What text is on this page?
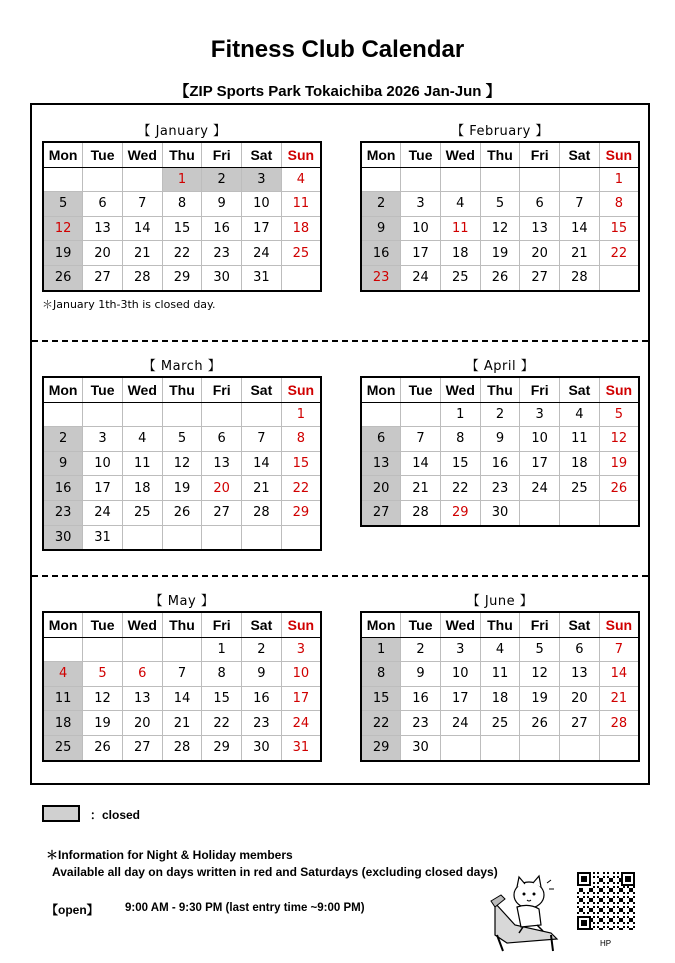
Fitness Club Calendar
【ZIP Sports Park Tokaichiba 2026 Jan-Jun 】
【 January 】
Mon	Tue	Wed	Thu	Fri	Sat	Sun
			1	2	3	4
5	6	7	8	9	10	11
12	13	14	15	16	17	18
19	20	21	22	23	24	25
26	27	28	29	30	31	
＊January 1th-3th is closed day.
【 February 】
Mon	Tue	Wed	Thu	Fri	Sat	Sun
						1
2	3	4	5	6	7	8
9	10	11	12	13	14	15
16	17	18	19	20	21	22
23	24	25	26	27	28	
【 March 】
Mon	Tue	Wed	Thu	Fri	Sat	Sun
						1
2	3	4	5	6	7	8
9	10	11	12	13	14	15
16	17	18	19	20	21	22
23	24	25	26	27	28	29
30	31					
【 April 】
Mon	Tue	Wed	Thu	Fri	Sat	Sun
		1	2	3	4	5
6	7	8	9	10	11	12
13	14	15	16	17	18	19
20	21	22	23	24	25	26
27	28	29	30			
【 May 】
Mon	Tue	Wed	Thu	Fri	Sat	Sun
				1	2	3
4	5	6	7	8	9	10
11	12	13	14	15	16	17
18	19	20	21	22	23	24
25	26	27	28	29	30	31
【 June 】
Mon	Tue	Wed	Thu	Fri	Sat	Sun
1	2	3	4	5	6	7
8	9	10	11	12	13	14
15	16	17	18	19	20	21
22	23	24	25	26	27	28
29	30					
：closed
＊Information for Night & Holiday members
Available all day on days written in red and Saturdays (excluding closed days)
【open】 9:00 AM - 9:30 PM (last entry time ~9:00 PM)
HP
